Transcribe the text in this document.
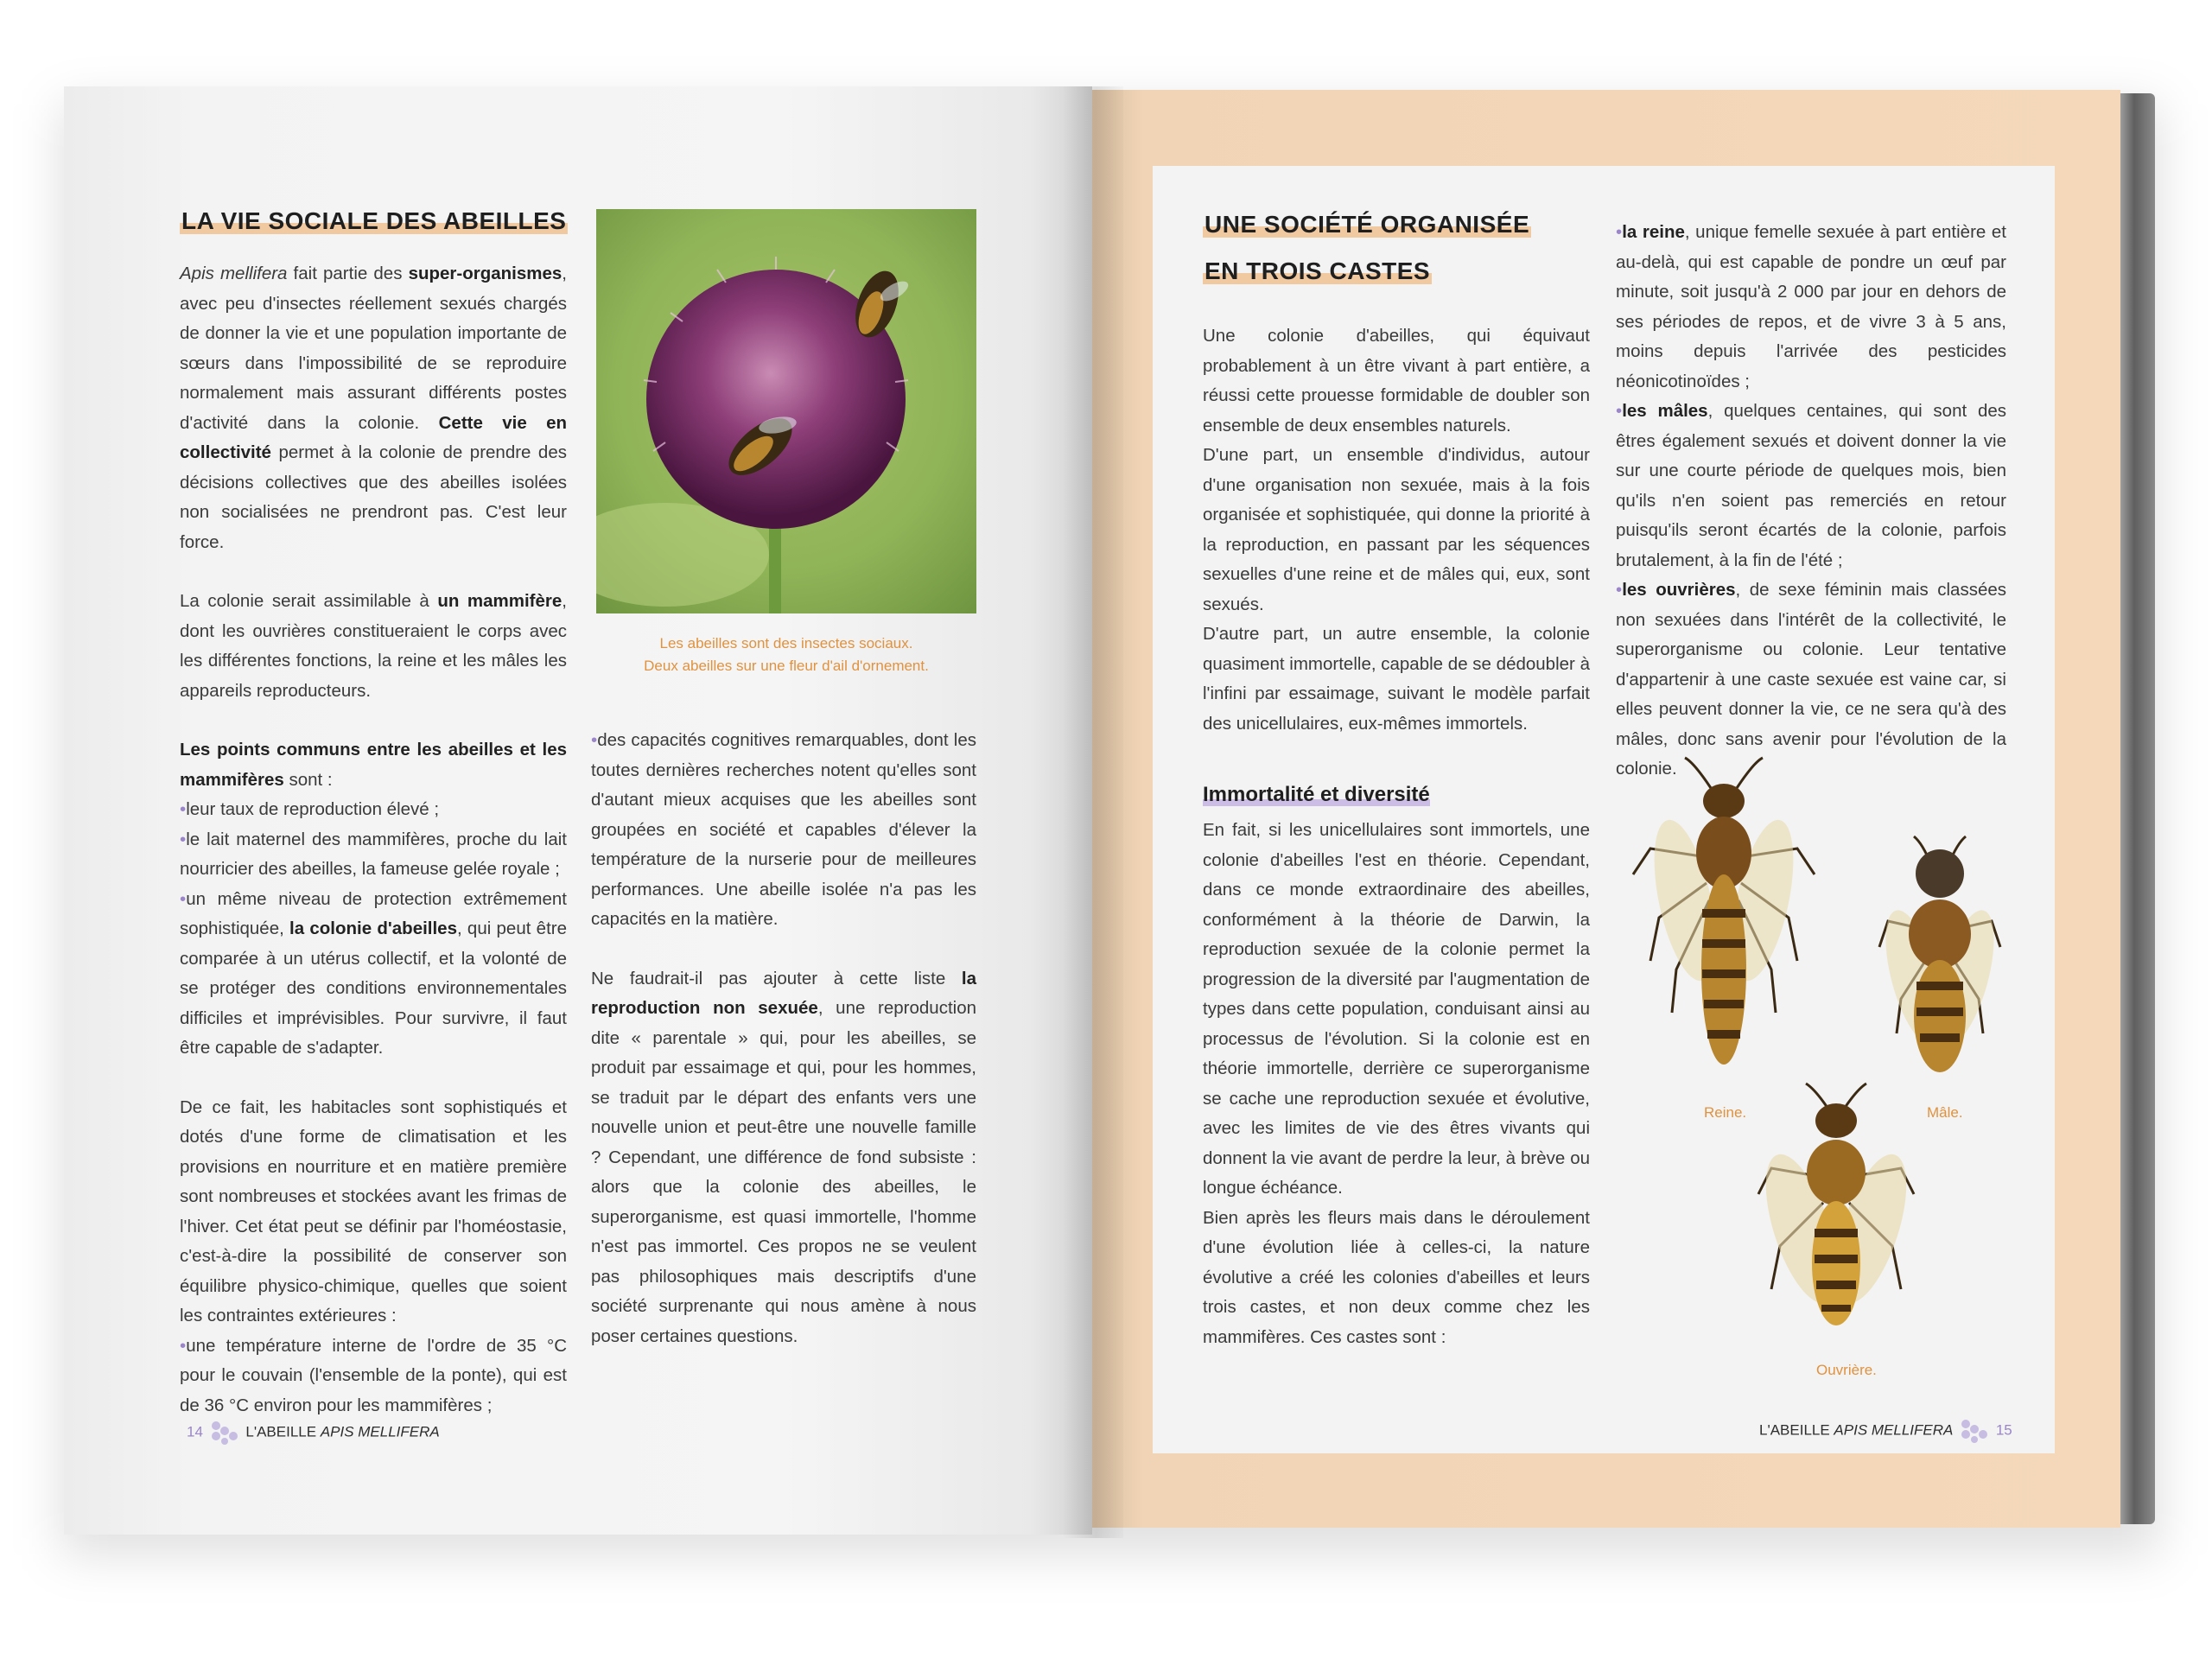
LA VIE SOCIALE DES ABEILLES

Apis mellifera fait partie des super-organismes, avec peu d'insectes réellement sexués chargés de donner la vie et une population importante de sœurs dans l'impossibilité de se reproduire normalement mais assurant différents postes d'activité dans la colonie. Cette vie en collectivité permet à la colonie de prendre des décisions collectives que des abeilles isolées non socialisées ne prendront pas. C'est leur force.

La colonie serait assimilable à un mammifère, dont les ouvrières constitueraient le corps avec les différentes fonctions, la reine et les mâles les appareils reproducteurs.

Les points communs entre les abeilles et les mammifères sont :

•leur taux de reproduction élevé ;

•le lait maternel des mammifères, proche du lait nourricier des abeilles, la fameuse gelée royale ;

•un même niveau de protection extrêmement sophistiquée, la colonie d'abeilles, qui peut être comparée à un utérus collectif, et la volonté de se protéger des conditions environnementales difficiles et imprévisibles. Pour survivre, il faut être capable de s'adapter.

De ce fait, les habitacles sont sophistiqués et dotés d'une forme de climatisation et les provisions en nourriture et en matière première sont nombreuses et stockées avant les frimas de l'hiver. Cet état peut se définir par l'homéostasie, c'est-à-dire la possibilité de conserver son équilibre physico-chimique, quelles que soient les contraintes extérieures :

•une température interne de l'ordre de 35 °C pour le couvain (l'ensemble de la ponte), qui est de 36 °C environ pour les mammifères ;

Les abeilles sont des insectes sociaux.
Deux abeilles sur une fleur d'ail d'ornement.

•des capacités cognitives remarquables, dont les toutes dernières recherches notent qu'elles sont d'autant mieux acquises que les abeilles sont groupées en société et capables d'élever la température de la nurserie pour de meilleures performances. Une abeille isolée n'a pas les capacités en la matière.

Ne faudrait-il pas ajouter à cette liste la reproduction non sexuée, une reproduction dite « parentale » qui, pour les abeilles, se produit par essaimage et qui, pour les hommes, se traduit par le départ des enfants vers une nouvelle union et peut-être une nouvelle famille ? Cependant, une différence de fond subsiste : alors que la colonie des abeilles, le superorganisme, est quasi immortelle, l'homme n'est pas immortel. Ces propos ne se veulent pas philosophiques mais descriptifs d'une société surprenante qui nous amène à nous poser certaines questions.

14	L'ABEILLE APIS MELLIFERA
UNE SOCIÉTÉ ORGANISÉE
EN TROIS CASTES

Une colonie d'abeilles, qui équivaut probablement à un être vivant à part entière, a réussi cette prouesse formidable de doubler son ensemble de deux ensembles naturels.

D'une part, un ensemble d'individus, autour d'une organisation non sexuée, mais à la fois organisée et sophistiquée, qui donne la priorité à la reproduction, en passant par les séquences sexuelles d'une reine et de mâles qui, eux, sont sexués.

D'autre part, un autre ensemble, la colonie quasiment immortelle, capable de se dédoubler à l'infini par essaimage, suivant le modèle parfait des unicellulaires, eux-mêmes immortels.

Immortalité et diversité

En fait, si les unicellulaires sont immortels, une colonie d'abeilles l'est en théorie. Cependant, dans ce monde extraordinaire des abeilles, conformément à la théorie de Darwin, la reproduction sexuée de la colonie permet la progression de la diversité par l'augmentation de types dans cette population, conduisant ainsi au processus de l'évolution. Si la colonie est en théorie immortelle, derrière ce superorganisme se cache une reproduction sexuée et évolutive, avec les limites de vie des êtres vivants qui donnent la vie avant de perdre la leur, à brève ou longue échéance.

Bien après les fleurs mais dans le déroulement d'une évolution liée à celles-ci, la nature évolutive a créé les colonies d'abeilles et leurs trois castes, et non deux comme chez les mammifères. Ces castes sont :

•la reine, unique femelle sexuée à part entière et au-delà, qui est capable de pondre un œuf par minute, soit jusqu'à 2 000 par jour en dehors de ses périodes de repos, et de vivre 3 à 5 ans, moins depuis l'arrivée des pesticides néonicotinoïdes ;

•les mâles, quelques centaines, qui sont des êtres également sexués et doivent donner la vie sur une courte période de quelques mois, bien qu'ils n'en soient pas remerciés en retour puisqu'ils seront écartés de la colonie, parfois brutalement, à la fin de l'été ;

•les ouvrières, de sexe féminin mais classées non sexuées dans l'intérêt de la collectivité, le superorganisme ou colonie. Leur tentative d'appartenir à une caste sexuée est vaine car, si elles peuvent donner la vie, ce ne sera qu'à des mâles, donc sans avenir pour l'évolution de la colonie.

Reine.	Mâle.
Ouvrière.
L'ABEILLE APIS MELLIFERA	15
